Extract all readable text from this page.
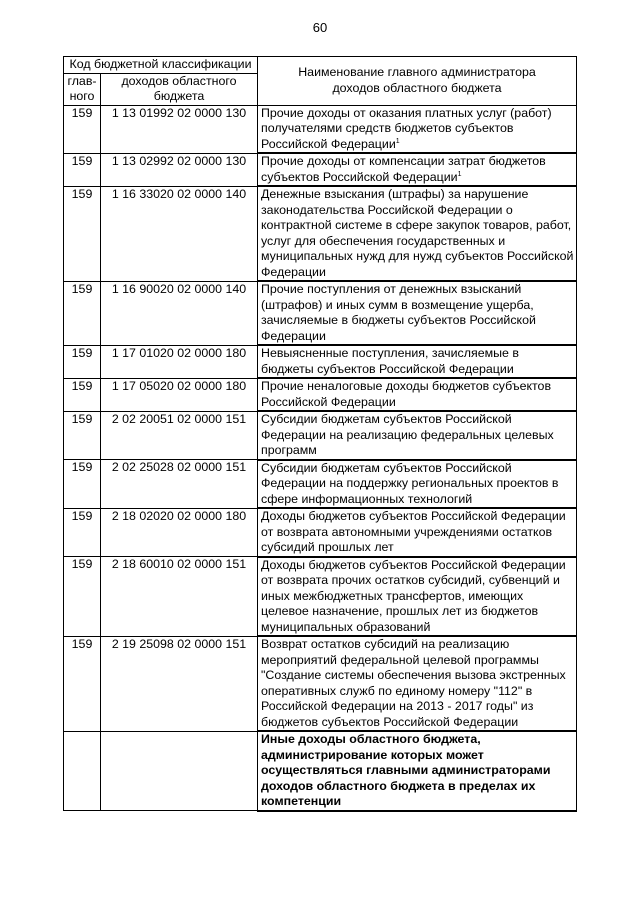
60
Код бюджетной классификации		Наименование главного администратора доходов областного бюджета
глав-ного	доходов областного бюджета	
159	1 13 01992 02 0000 130	Прочие доходы от оказания платных услуг (работ) получателями средств бюджетов субъектов Российской Федерации$^1$
159	1 13 02992 02 0000 130	Прочие доходы от компенсации затрат бюджетов субъектов Российской Федерации$^1$
159	1 16 33020 02 0000 140	Денежные взыскания (штрафы) за нарушение законодательства Российской Федерации о контрактной системе в сфере закупок товаров, работ, услуг для обеспечения государственных и муниципальных нужд для нужд субъектов Российской Федерации
159	1 16 90020 02 0000 140	Прочие поступления от денежных взысканий (штрафов) и иных сумм в возмещение ущерба, зачисляемые в бюджеты субъектов Российской Федерации
159	1 17 01020 02 0000 180	Невыясненные поступления, зачисляемые в бюджеты субъектов Российской Федерации
159	1 17 05020 02 0000 180	Прочие неналоговые доходы бюджетов субъектов Российской Федерации
159	2 02 20051 02 0000 151	Субсидии бюджетам субъектов Российской Федерации на реализацию федеральных целевых программ
159	2 02 25028 02 0000 151	Субсидии бюджетам субъектов Российской Федерации на поддержку региональных проектов в сфере информационных технологий
159	2 18 02020 02 0000 180	Доходы бюджетов субъектов Российской Федерации от возврата автономными учреждениями остатков субсидий прошлых лет
159	2 18 60010 02 0000 151	Доходы бюджетов субъектов Российской Федерации от возврата прочих остатков субсидий, субвенций и иных межбюджетных трансфертов, имеющих целевое назначение, прошлых лет из бюджетов муниципальных образований
159	2 19 25098 02 0000 151	Возврат остатков субсидий на реализацию мероприятий федеральной целевой программы "Создание системы обеспечения вызова экстренных оперативных служб по единому номеру "112" в Российской Федерации на 2013 - 2017 годы" из бюджетов субъектов Российской Федерации
		Иные доходы областного бюджета, администрирование которых может осуществляться главными администраторами доходов областного бюджета в пределах их компетенции
